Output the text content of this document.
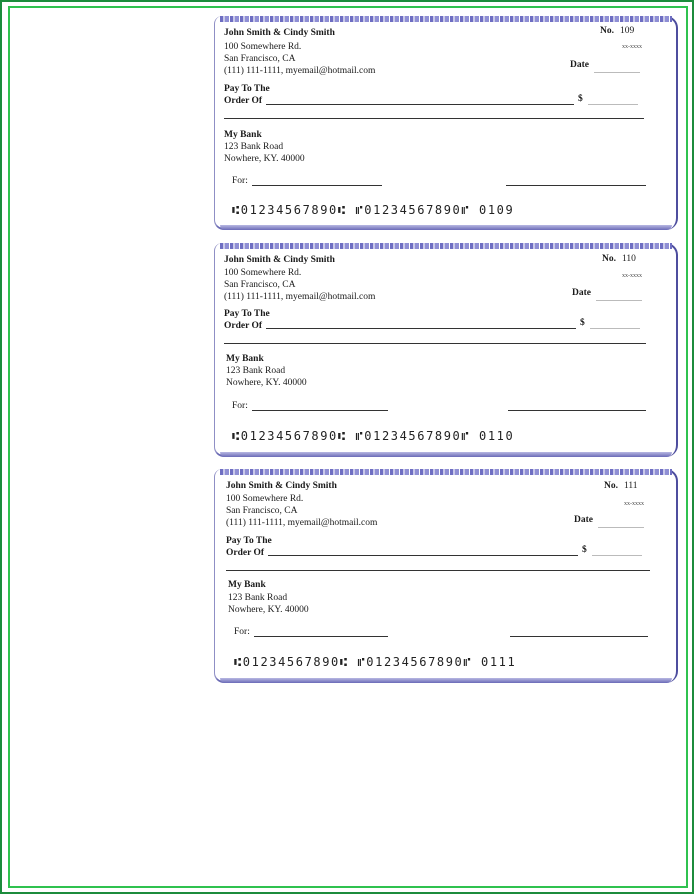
John Smith & Cindy Smith
100 Somewhere Rd.
San Francisco, CA
(111) 111-1111, myemail@hotmail.com
No. 109
xx-xxxx
Date
Pay To The
Order Of	$
My Bank
123 Bank Road
Nowhere, KY. 40000
For:
⑆01234567890⑆ ⑈01234567890⑈ 0109
John Smith & Cindy Smith
100 Somewhere Rd.
San Francisco, CA
(111) 111-1111, myemail@hotmail.com
No. 110
xx-xxxx
Date
Pay To The
Order Of	$
My Bank
123 Bank Road
Nowhere, KY. 40000
For:
⑆01234567890⑆ ⑈01234567890⑈ 0110
John Smith & Cindy Smith
100 Somewhere Rd.
San Francisco, CA
(111) 111-1111, myemail@hotmail.com
No. 111
xx-xxxx
Date
Pay To The
Order Of	$
My Bank
123 Bank Road
Nowhere, KY. 40000
For:
⑆01234567890⑆ ⑈01234567890⑈ 0111
